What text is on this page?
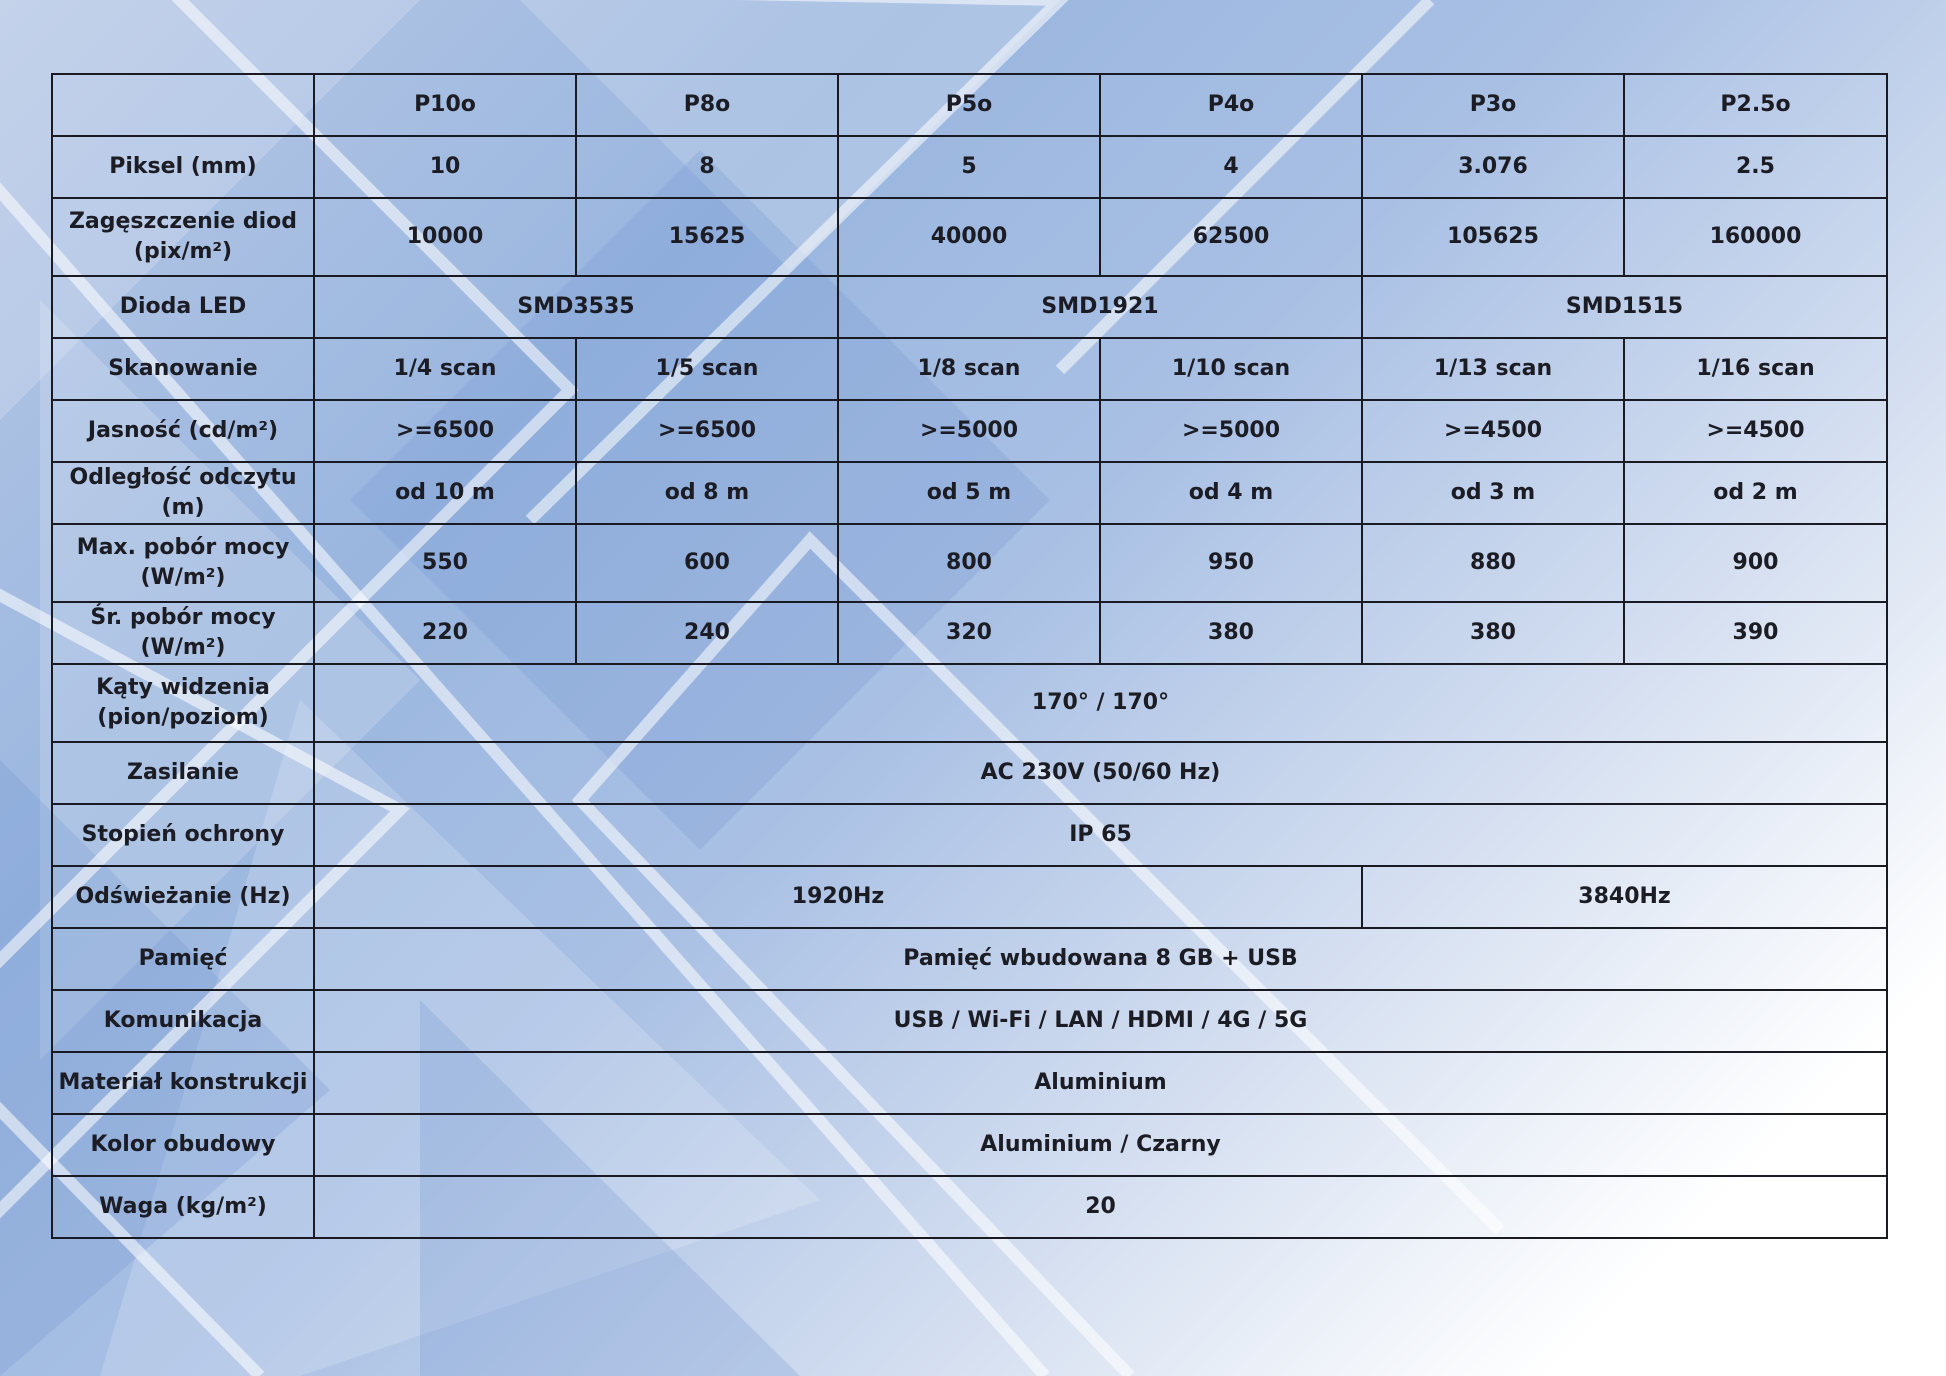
	P10o	P8o	P5o	P4o	P3o	P2.5o
Piksel (mm)	10	8	5	4	3.076	2.5
Zagęszczenie diod (pix/m²)	10000	15625	40000	62500	105625	160000
Dioda LED	SMD3535		SMD1921		SMD1515	
Skanowanie	1/4 scan	1/5 scan	1/8 scan	1/10 scan	1/13 scan	1/16 scan
Jasność (cd/m²)	>=6500	>=6500	>=5000	>=5000	>=4500	>=4500
Odległość odczytu (m)	od 10 m	od 8 m	od 5 m	od 4 m	od 3 m	od 2 m
Max. pobór mocy (W/m²)	550	600	800	950	880	900
Śr. pobór mocy (W/m²)	220	240	320	380	380	390
Kąty widzenia (pion/poziom)	170° / 170°					
Zasilanie	AC 230V (50/60 Hz)					
Stopień ochrony	IP 65					
Odświeżanie (Hz)	1920Hz				3840Hz	
Pamięć	Pamięć wbudowana 8 GB + USB					
Komunikacja	USB / Wi-Fi / LAN / HDMI / 4G / 5G					
Materiał konstrukcji	Aluminium					
Kolor obudowy	Aluminium / Czarny					
Waga (kg/m²)	20					
